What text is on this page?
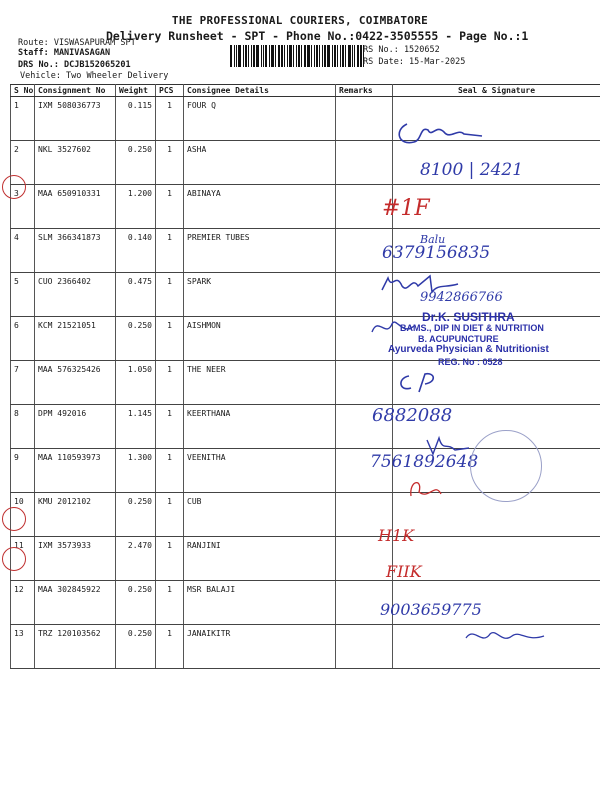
THE PROFESSIONAL COURIERS, COIMBATORE
Delivery Runsheet - SPT - Phone No.:0422-3505555 - Page No.:1
Route: VISWASAPURAM SPT
Staff: MANIVASAGAN
DRS No.: DCJB152065201
Vehicle: Two Wheeler Delivery
RS No.: 1520652
RS Date: 15-Mar-2025
S No	Consignment No	Weight	PCS	Consignee Details	Remarks	Seal & Signature
1	IXM 508036773	0.115	1	FOUR Q		
2	NKL 3527602	0.250	1	ASHA		
3	MAA 650910331	1.200	1	ABINAYA		
4	SLM 366341873	0.140	1	PREMIER TUBES		
5	CUO 2366402	0.475	1	SPARK		
6	KCM 21521051	0.250	1	AISHMON		
7	MAA 576325426	1.050	1	THE NEER		
8	DPM 492016	1.145	1	KEERTHANA		
9	MAA 110593973	1.300	1	VEENITHA		
10	KMU 2012102	0.250	1	CUB		
11	IXM 3573933	2.470	1	RANJINI		
12	MAA 302845922	0.250	1	MSR BALAJI		
13	TRZ 120103562	0.250	1	JANAIKITR		
8100 | 2421
#1F
Balu
6379156835
9942866766
Dr.K. SUSITHRA
BAMS., DIP IN DIET & NUTRITION
B. ACUPUNCTURE
Ayurveda Physician & Nutritionist
REG. No : 0528
6882088
7561892648
H1K
FIIK
9003659775
